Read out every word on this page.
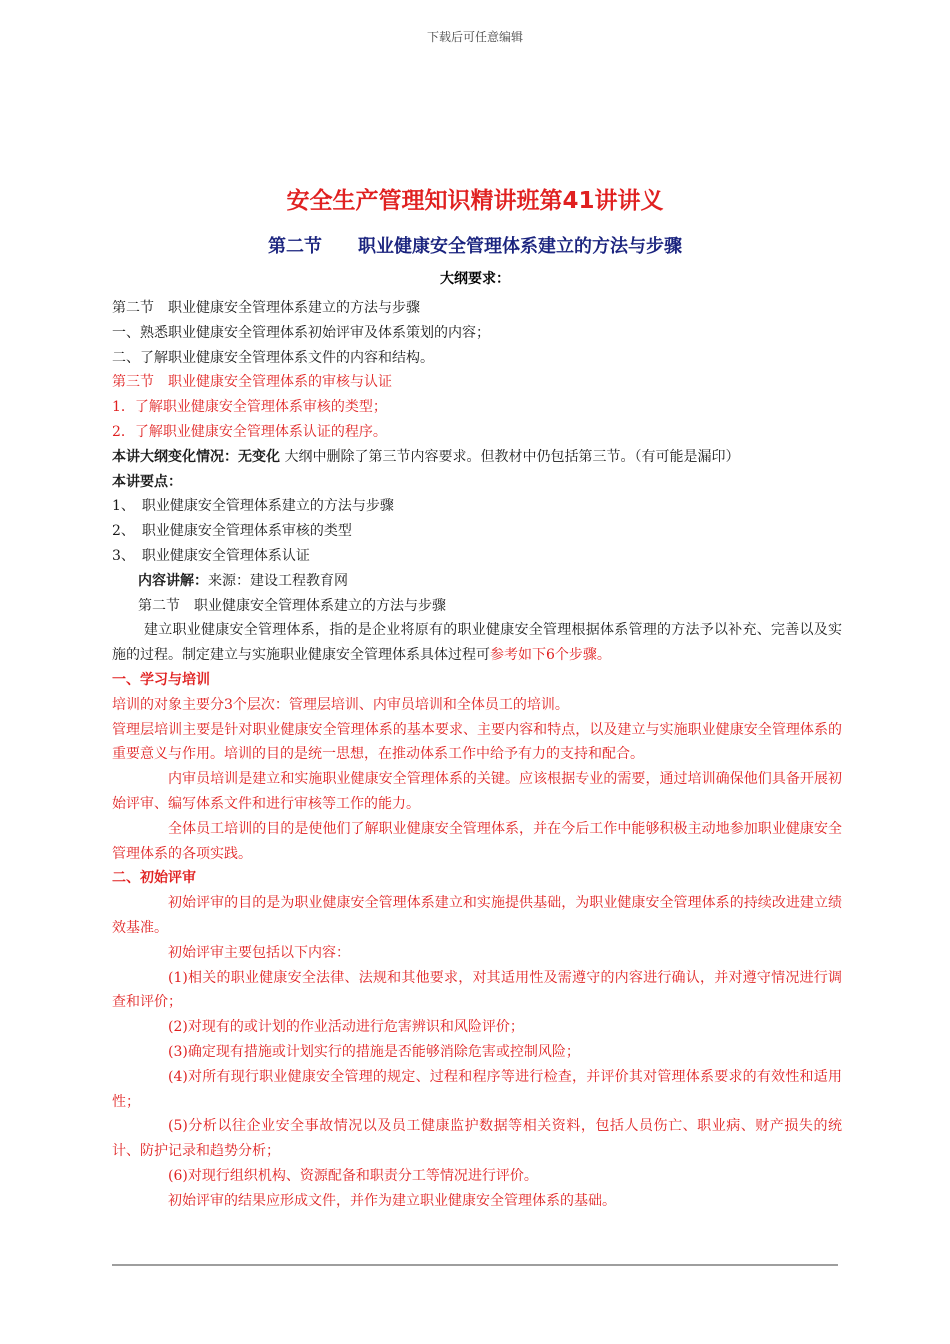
下载后可任意编辑
安全生产管理知识精讲班第41讲讲义
第二节　　职业健康安全管理体系建立的方法与步骤
大纲要求：
第二节　职业健康安全管理体系建立的方法与步骤
一、熟悉职业健康安全管理体系初始评审及体系策划的内容；
二、了解职业健康安全管理体系文件的内容和结构。
第三节　职业健康安全管理体系的审核与认证
1．了解职业健康安全管理体系审核的类型；
2．了解职业健康安全管理体系认证的程序。
本讲大纲变化情况：无变化 大纲中删除了第三节内容要求。但教材中仍包括第三节。（有可能是漏印）
本讲要点：
1、　职业健康安全管理体系建立的方法与步骤
2、　职业健康安全管理体系审核的类型
3、　职业健康安全管理体系认证
内容讲解：来源：建设工程教育网
第二节　职业健康安全管理体系建立的方法与步骤
建立职业健康安全管理体系，指的是企业将原有的职业健康安全管理根据体系管理的方法予以补充、完善以及实施的过程。制定建立与实施职业健康安全管理体系具体过程可参考如下6个步骤。
一、学习与培训
培训的对象主要分3个层次：管理层培训、内审员培训和全体员工的培训。
管理层培训主要是针对职业健康安全管理体系的基本要求、主要内容和特点，以及建立与实施职业健康安全管理体系的重要意义与作用。培训的目的是统一思想，在推动体系工作中给予有力的支持和配合。
内审员培训是建立和实施职业健康安全管理体系的关键。应该根据专业的需要，通过培训确保他们具备开展初始评审、编写体系文件和进行审核等工作的能力。
全体员工培训的目的是使他们了解职业健康安全管理体系，并在今后工作中能够积极主动地参加职业健康安全管理体系的各项实践。
二、初始评审
初始评审的目的是为职业健康安全管理体系建立和实施提供基础，为职业健康安全管理体系的持续改进建立绩效基准。
初始评审主要包括以下内容：
(1)相关的职业健康安全法律、法规和其他要求，对其适用性及需遵守的内容进行确认，并对遵守情况进行调查和评价；
(2)对现有的或计划的作业活动进行危害辨识和风险评价；
(3)确定现有措施或计划实行的措施是否能够消除危害或控制风险；
(4)对所有现行职业健康安全管理的规定、过程和程序等进行检查，并评价其对管理体系要求的有效性和适用性；
(5)分析以往企业安全事故情况以及员工健康监护数据等相关资料，包括人员伤亡、职业病、财产损失的统计、防护记录和趋势分析；
(6)对现行组织机构、资源配备和职责分工等情况进行评价。
初始评审的结果应形成文件，并作为建立职业健康安全管理体系的基础。
